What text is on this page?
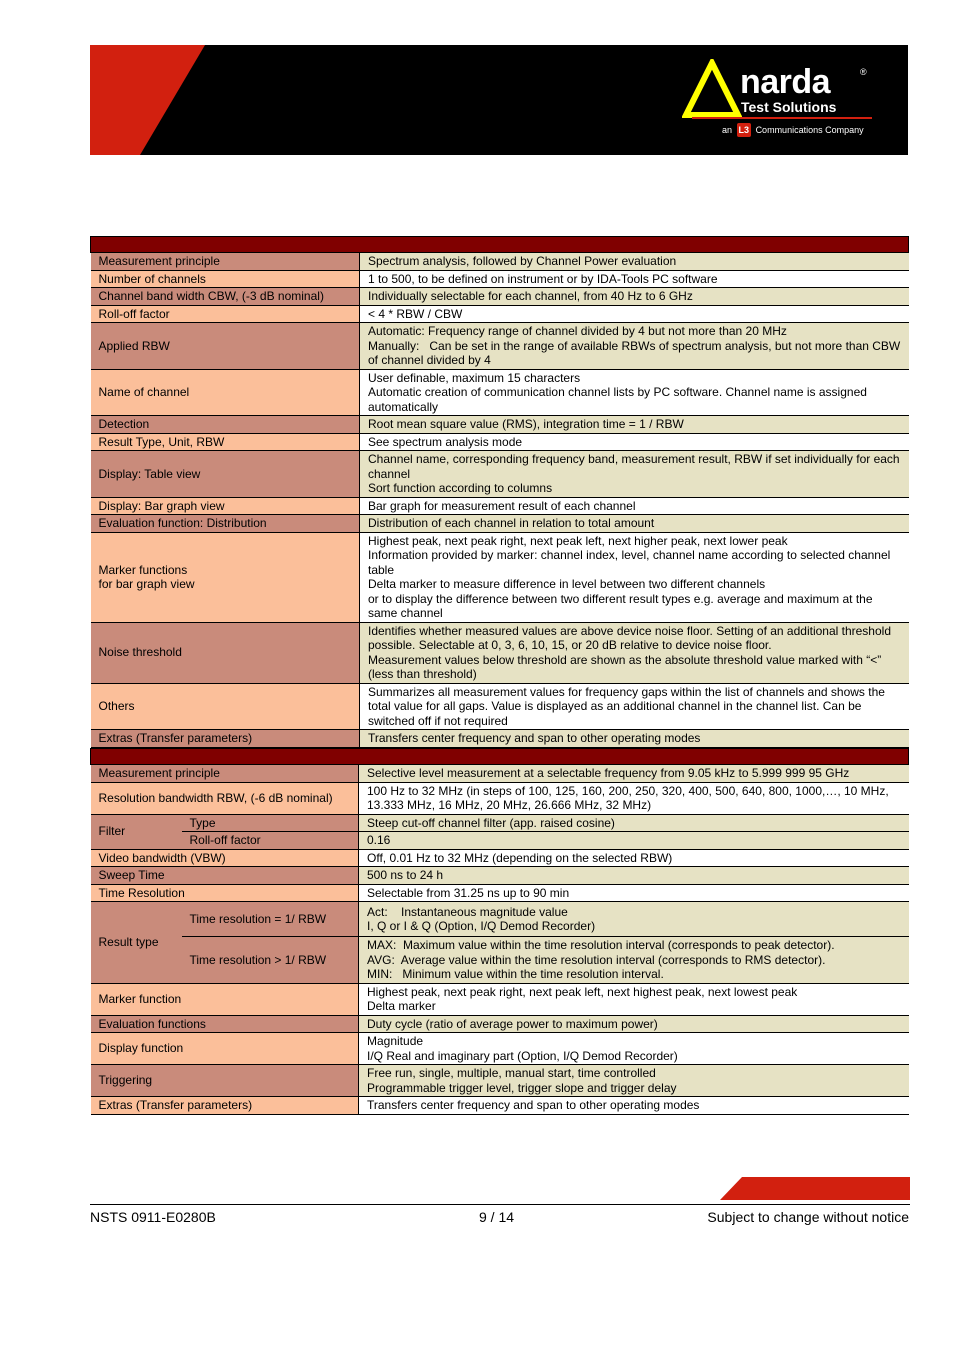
narda	®
Test Solutions
an L3 Communications Company

Measurement principle	Spectrum analysis, followed by Channel Power evaluation

Number of channels	1 to 500, to be defined on instrument or by IDA-Tools PC software

Channel band width CBW, (-3 dB nominal)	Individually selectable for each channel, from 40 Hz to 6 GHz

Roll-off factor	< 4 * RBW / CBW

Applied RBW	Automatic: Frequency range of channel divided by 4 but not more than 20 MHz
Manually:   Can be set in the range of available RBWs of spectrum analysis, but not more than CBW of channel divided by 4

Name of channel	User definable, maximum 15 characters
Automatic creation of communication channel lists by PC software. Channel name is assigned automatically

Detection	Root mean square value (RMS), integration time = 1 / RBW

Result Type, Unit, RBW	See spectrum analysis mode

Display: Table view	Channel name, corresponding frequency band, measurement result, RBW if set individually for each channel
Sort function according to columns

Display: Bar graph view	Bar graph for measurement result of each channel

Evaluation function: Distribution	Distribution of each channel in relation to total amount

Marker functions
for bar graph view	Highest peak, next peak right, next peak left, next higher peak, next lower peak
Information provided by marker: channel index, level, channel name according to selected channel table
Delta marker to measure difference in level between two different channels
or to display the difference between two different result types e.g. average and maximum at the same channel

Noise threshold	Identifies whether measured values are above device noise floor. Setting of an additional threshold possible. Selectable at 0, 3, 6, 10, 15, or 20 dB relative to device noise floor.
Measurement values below threshold are shown as the absolute threshold value marked with “<” (less than threshold)

Others	Summarizes all measurement values for frequency gaps within the list of channels and shows the total value for all gaps. Value is displayed as an additional channel in the channel list. Can be switched off if not required

Extras (Transfer parameters)	Transfers center frequency and span to other operating modes

Measurement principle		Selective level measurement at a selectable frequency from 9.05 kHz to 5.999 999 95 GHz
Resolution bandwidth RBW, (-6 dB nominal)		100 Hz to 32 MHz (in steps of 100, 125, 160, 200, 250, 320, 400, 500, 640, 800, 1000,…, 10 MHz, 13.333 MHz, 16 MHz, 20 MHz, 26.666 MHz, 32 MHz)
Filter	Type	Steep cut-off channel filter (app. raised cosine)
	Roll-off factor	0.16
Video bandwidth (VBW)		Off, 0.01 Hz to 32 MHz (depending on the selected RBW)
Sweep Time		500 ns to 24 h
Time Resolution		Selectable from 31.25 ns up to 90 min
Result type	Time resolution = 1/ RBW	Act:    Instantaneous magnitude value
I, Q or I & Q (Option, I/Q Demod Recorder)

	Time resolution > 1/ RBW	MAX:  Maximum value within the time resolution interval (corresponds to peak detector).
AVG:  Average value within the time resolution interval (corresponds to RMS detector).
MIN:   Minimum value within the time resolution interval.

Marker function		Highest peak, next peak right, next peak left, next highest peak, next lowest peak
Delta marker

Evaluation functions		Duty cycle (ratio of average power to maximum power)
Display function		Magnitude
I/Q Real and imaginary part (Option, I/Q Demod Recorder)

Triggering		Free run, single, multiple, manual start, time controlled
Programmable trigger level, trigger slope and trigger delay

Extras (Transfer parameters)		Transfers center frequency and span to other operating modes
NSTS 0911-E0280B	9 / 14	Subject to change without notice
